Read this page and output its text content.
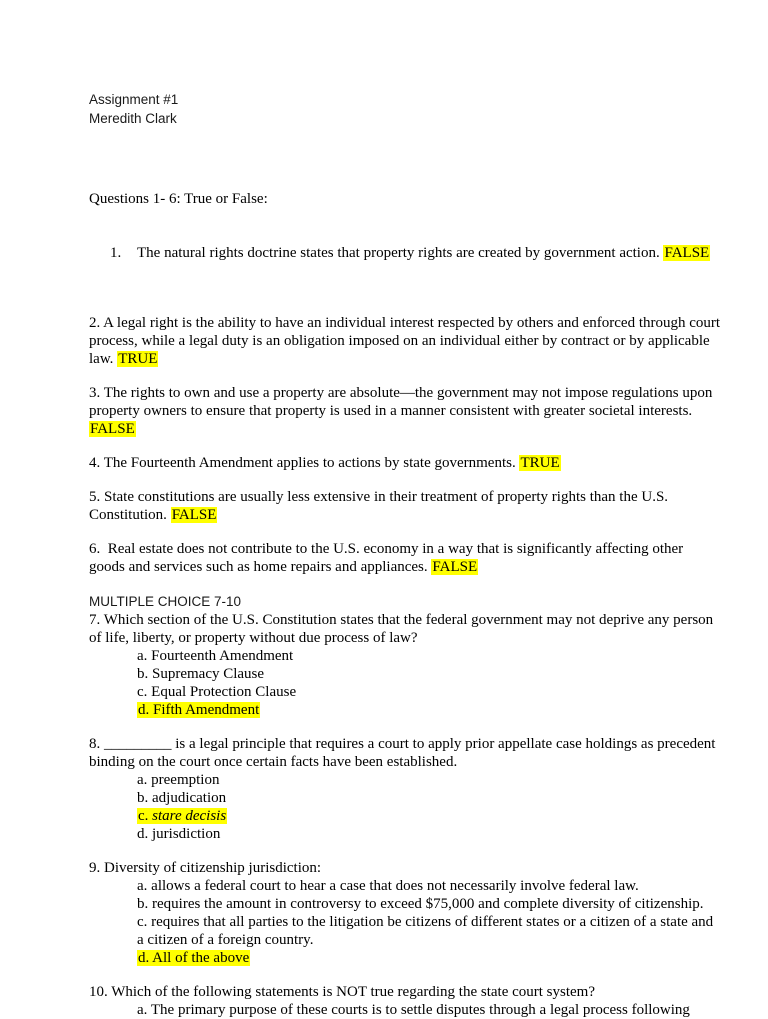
Assignment #1
Meredith Clark

Questions 1- 6: True or False:

1.	The natural rights doctrine states that property rights are created by government action. FALSE

2. A legal right is the ability to have an individual interest respected by others and enforced through court process, while a legal duty is an obligation imposed on an individual either by contract or by applicable law. TRUE

3. The rights to own and use a property are absolute—the government may not impose regulations upon property owners to ensure that property is used in a manner consistent with greater societal interests.
FALSE

4. The Fourteenth Amendment applies to actions by state governments. TRUE

5. State constitutions are usually less extensive in their treatment of property rights than the U.S. Constitution. FALSE

6.  Real estate does not contribute to the U.S. economy in a way that is significantly affecting other goods and services such as home repairs and appliances. FALSE

MULTIPLE CHOICE 7-10

7. Which section of the U.S. Constitution states that the federal government may not deprive any person of life, liberty, or property without due process of law?

a. Fourteenth Amendment
b. Supremacy Clause
c. Equal Protection Clause
d. Fifth Amendment

8. _________ is a legal principle that requires a court to apply prior appellate case holdings as precedent binding on the court once certain facts have been established.

a. preemption
b. adjudication
c. stare decisis
d. jurisdiction

9. Diversity of citizenship jurisdiction:

a. allows a federal court to hear a case that does not necessarily involve federal law.
b. requires the amount in controversy to exceed $75,000 and complete diversity of citizenship.
c. requires that all parties to the litigation be citizens of different states or a citizen of a state and a citizen of a foreign country.
d. All of the above

10. Which of the following statements is NOT true regarding the state court system?

a. The primary purpose of these courts is to settle disputes through a legal process following
